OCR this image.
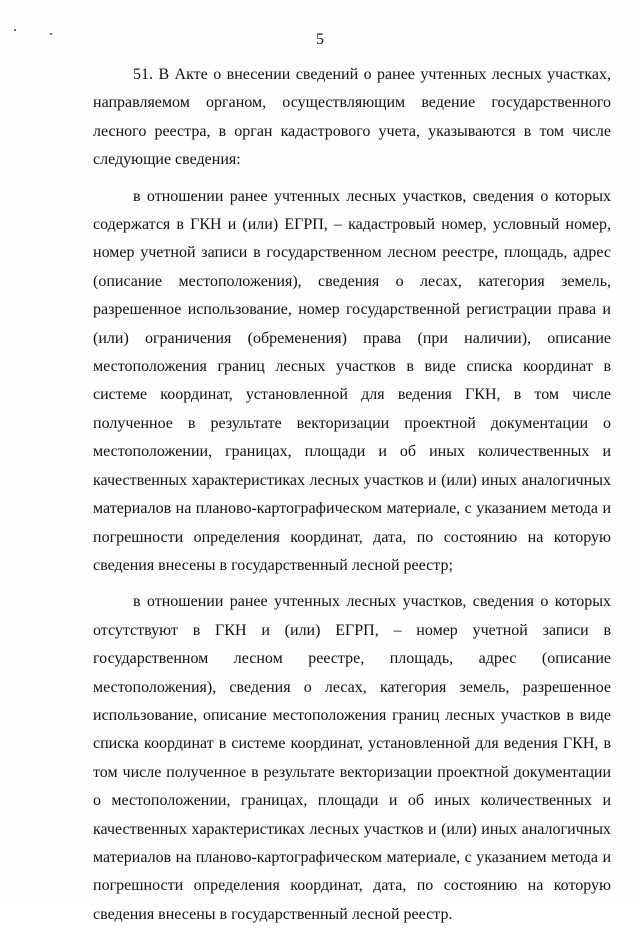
5

51. В Акте о внесении сведений о ранее учтенных лесных участках, направляемом органом, осуществляющим ведение государственного лесного реестра, в орган кадастрового учета, указываются в том числе следующие сведения:

в отношении ранее учтенных лесных участков, сведения о которых содержатся в ГКН и (или) ЕГРП, – кадастровый номер, условный номер, номер учетной записи в государственном лесном реестре, площадь, адрес (описание местоположения), сведения о лесах, категория земель, разрешенное использование, номер государственной регистрации права и (или) ограничения (обременения) права (при наличии), описание местоположения границ лесных участков в виде списка координат в системе координат, установленной для ведения ГКН, в том числе полученное в результате векторизации проектной документации о местоположении, границах, площади и об иных количественных и качественных характеристиках лесных участков и (или) иных аналогичных материалов на планово-картографическом материале, с указанием метода и погрешности определения координат, дата, по состоянию на которую сведения внесены в государственный лесной реестр;

в отношении ранее учтенных лесных участков, сведения о которых отсутствуют в ГКН и (или) ЕГРП, – номер учетной записи в государственном лесном реестре, площадь, адрес (описание местоположения), сведения о лесах, категория земель, разрешенное использование, описание местоположения границ лесных участков в виде списка координат в системе координат, установленной для ведения ГКН, в том числе полученное в результате векторизации проектной документации о местоположении, границах, площади и об иных количественных и качественных характеристиках лесных участков и (или) иных аналогичных материалов на планово-картографическом материале, с указанием метода и погрешности определения координат, дата, по состоянию на которую сведения внесены в государственный лесной реестр.
